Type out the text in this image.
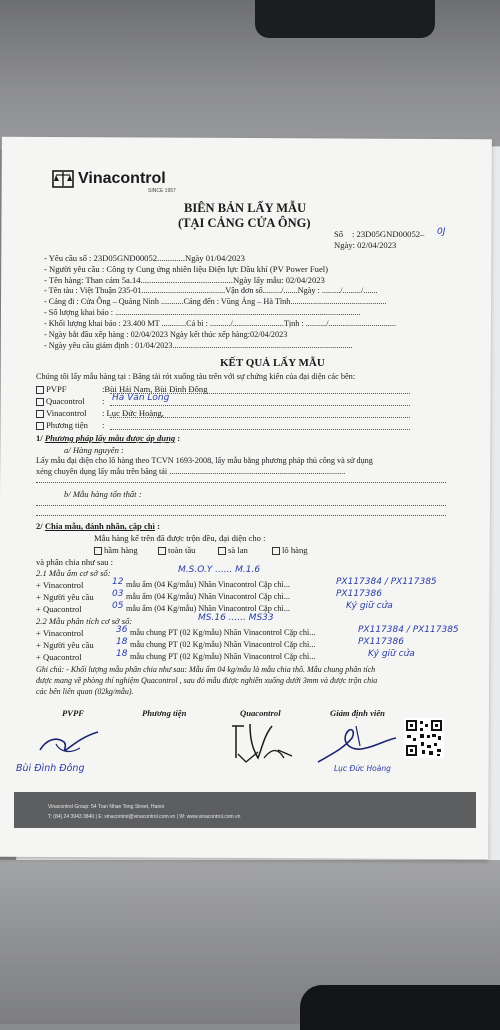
Vinacontrol
SINCE 1957
BIÊN BẢN LẤY MẪU
(TẠI CẢNG CỬA ÔNG)
Số : 23D05GND00052– 0J
Ngày: 02/04/2023
- Yêu cầu số : 23D05GND00052.............Ngày 01/04/2023
- Người yêu cầu : Công ty Cung ứng nhiên liệu Điện lực Dầu khí (PV Power Fuel)
- Tên hàng: Than cám 5a.14...........................................Ngày lấy mẫu: 02/04/2023
- Tên tàu : Việt Thuận 235-01.........................................Vận đơn số........./.......Ngày : ........./........./.......
- Cảng đi : Cửa Ông – Quảng Ninh ...........Cảng đến : Vũng Áng – Hà Tĩnh...............................................
- Số lượng khai báo : ........................................................................................................................
- Khối lượng khai báo : 23.400 MT ............Cả bì : ........../.........................Tịnh : ........../.................................
- Ngày bắt đầu xếp hàng : 02/04/2023 Ngày kết thúc xếp hàng:02/04/2023
- Ngày yêu cầu giám định : 01/04/2023........................................................................................
KẾT QUẢ LẤY MẪU
Chúng tôi lấy mẫu hàng tại : Băng tải rót xuống tàu trên với sự chứng kiến của đại diện các bên:
PVPF	:Bùi Hải Nam, Bùi Đình Đông
Quacontrol : Hà Văn Long
Vinacontrol : Lục Đức Hoàng,
Phương tiện :
1/ Phương pháp lấy mẫu được áp dụng :
a/ Hàng nguyên :
Lấy mẫu đại diện cho lô hàng theo TCVN 1693-2008, lấy mẫu bằng phương pháp thủ công và sử dụng
xẻng chuyên dụng lấy mẫu trên băng tải ......................................................................................
b/ Mẫu hàng tổn thất :
2/ Chia mẫu, đánh nhãn, cặp chì :
Mẫu hàng kể trên đã được trộn đều, đại diện cho :
hầm hàng	toàn tầu	sà lan	lô hàng
và phân chia như sau :
2.1 Mẫu ẩm cơ sở số:	M.S.O.Y ...... M.1.6
+ Vinacontrol	12 mẫu ẩm (04 Kg/mẫu) Nhãn Vinacontrol Cặp chì...	PX117384 / PX117385
+ Người yêu cầu 03 mẫu ẩm (04 Kg/mẫu) Nhãn Vinacontrol Cặp chì...	PX117386
+ Quacontrol	05 mẫu ẩm (04 Kg/mẫu) Nhãn Vinacontrol Cặp chì...	Ký giữ cửa
2.2 Mẫu phân tích cơ sở số:	MS.16 ...... MS33
+ Vinacontrol	36 mẫu chung PT (02 Kg/mẫu) Nhãn Vinacontrol Cặp chì...	PX117384 / PX117385
+ Người yêu cầu 18 mẫu chung PT (02 Kg/mẫu) Nhãn Vinacontrol Cặp chì...	PX117386
+ Quacontrol	18 mẫu chung PT (02 Kg/mẫu) Nhãn Vinacontrol Cặp chì...	Ký giữ cửa
Ghi chú: - Khối lượng mẫu phân chia như sau: Mẫu ẩm 04 kg/mẫu là mẫu chia thô. Mẫu chung phân tích
được mang về phòng thí nghiệm Quacontrol , sau đó mẫu được nghiền xuống dưới 3mm và được trộn chia
các bên liên quan (02kg/mẫu).
PVPF	Phương tiện	Quacontrol	Giám định viên
Bùi Đình Đông	Lục Đức Hoàng
Vinacontrol Group: 54 Tran Nhan Tong Street, Hanoi
T: (84) 24 3943 3840 | E: vinacontrol@vinacontrol.com.vn | W: www.vinacontrol.com.vn
